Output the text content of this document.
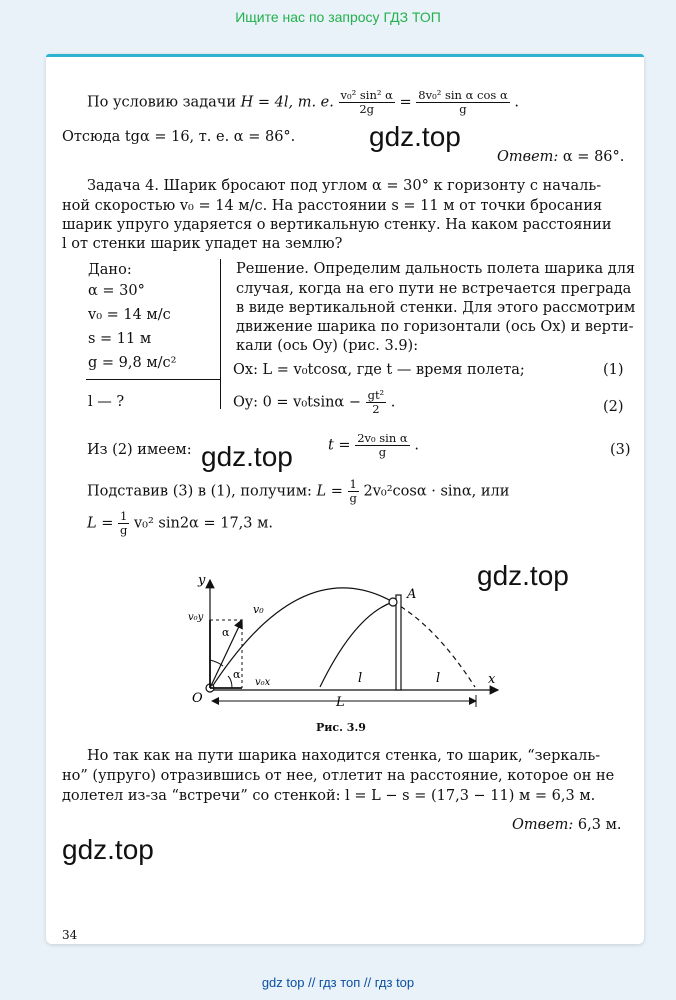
Ищите нас по запросу ГДЗ ТОП
По условию задачи H = 4l, т. е. $\frac{\text{v₀² sin² α}}{2g} = \frac{\text{8v₀² sin α cos α}}{g}$ .
Отсюда tgα = 16, т. е. α = 86°.	gdz.top
Ответ: α = 86°.
Задача 4. Шарик бросают под углом α = 30° к горизонту с началь-
ной скоростью v₀ = 14 м/с. На расстоянии s = 11 м от точки бросания
шарик упруго ударяется о вертикальную стенку. На каком расстоянии
l от стенки шарик упадет на землю?
Дано:
α = 30°
v₀ = 14 м/с
s = 11 м
g = 9,8 м/с²
l — ?
Решение. Определим дальность полета шарика для
случая, когда на его пути не встречается преграда
в виде вертикальной стенки. Для этого рассмотрим
движение шарика по горизонтали (ось Ox) и верти-
кали (ось Oy) (рис. 3.9):
Ox: L = v₀tcosα, где t — время полета;	(1)
Oy: $0 = v_0tsin\alpha - \frac{\text{gt²}}{2}$ .	(2)
Из (2) имеем: gdz.top $t = \frac{\text{2v₀ sin α}}{g}$ .	(3)
Подставив (3) в (1), получим: $L = \frac{1}{g} 2v_0^2\cos\alpha \cdot \sin\alpha$, или
$L = \frac{1}{g} v_0^2$ sin2α = 17,3 м.
gdz.top
y
x
O
A
v₀y
v₀
v₀x
α
α	l	l
L
Рис. 3.9
Но так как на пути шарика находится стенка, то шарик, “зеркаль-
но” (упруго) отразившись от нее, отлетит на расстояние, которое он не
долетел из-за “встречи” со стенкой: l = L − s = (17,3 − 11) м = 6,3 м.
Ответ: 6,3 м.
gdz.top
34
gdz top // гдз топ // гдз top
